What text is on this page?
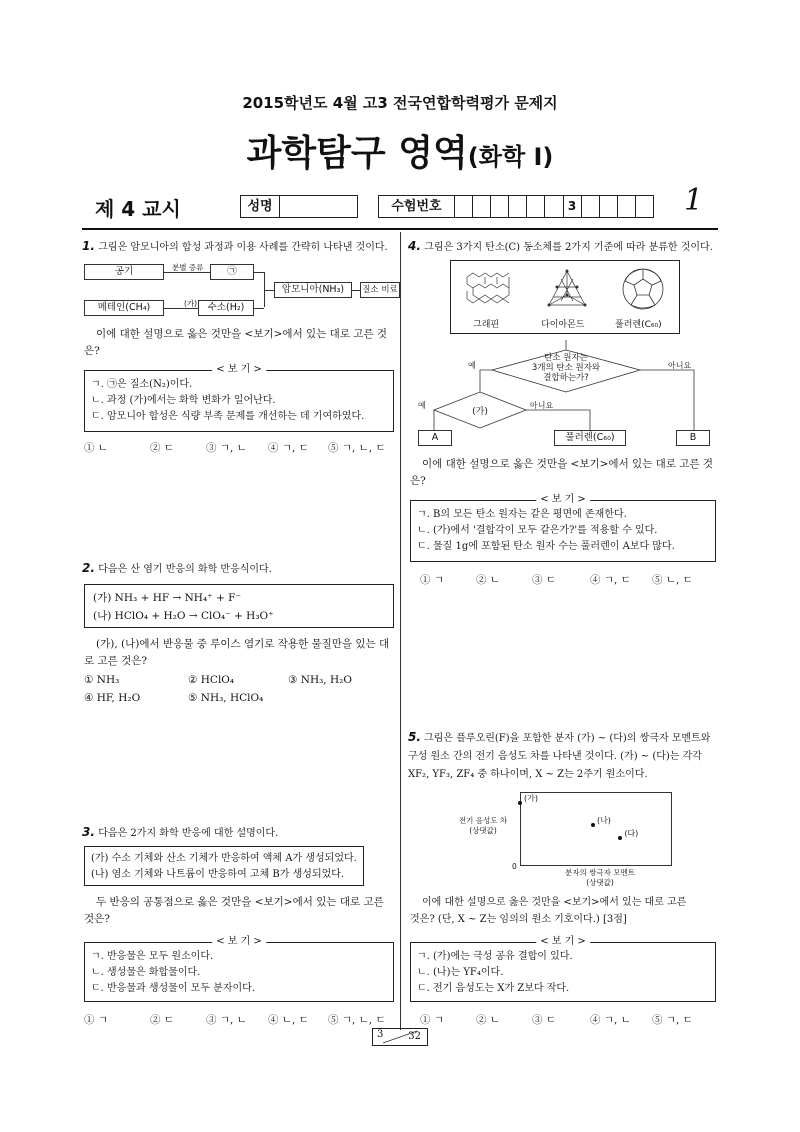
2015학년도 4월 고3 전국연합학력평가 문제지
과학탐구 영역(화학 Ⅰ)
제 4 교시	성명	수험번호	3	1
1. 그림은 암모니아의 합성 과정과 이용 사례를 간략히 나타낸 것이다.
공기	분별 증류	㉠
암모니아(NH₃)	질소 비료
메테인(CH₄)	(가)	수소(H₂)
이에 대한 설명으로 옳은 것만을 <보기>에서 있는 대로 고른 것은?
< 보 기 >
ㄱ. ㉠은 질소(N₂)이다.
ㄴ. 과정 (가)에서는 화학 변화가 일어난다.
ㄷ. 암모니아 합성은 식량 부족 문제를 개선하는 데 기여하였다.
① ㄴ	② ㄷ	③ ㄱ, ㄴ	④ ㄱ, ㄷ	⑤ ㄱ, ㄴ, ㄷ
2. 다음은 산 염기 반응의 화학 반응식이다.
(가) NH₃ + HF → NH₄⁺ + F⁻
(나) HClO₄ + H₂O → ClO₄⁻ + H₃O⁺
(가), (나)에서 반응물 중 루이스 염기로 작용한 물질만을 있는 대로 고른 것은?
① NH₃	② HClO₄	③ NH₃, H₂O
④ HF, H₂O	⑤ NH₃, HClO₄
3. 다음은 2가지 화학 반응에 대한 설명이다.
(가) 수소 기체와 산소 기체가 반응하여 액체 A가 생성되었다.
(나) 염소 기체와 나트륨이 반응하여 고체 B가 생성되었다.
두 반응의 공통점으로 옳은 것만을 <보기>에서 있는 대로 고른 것은?
< 보 기 >
ㄱ. 반응물은 모두 원소이다.
ㄴ. 생성물은 화합물이다.
ㄷ. 반응물과 생성물이 모두 분자이다.
① ㄱ	② ㄷ	③ ㄱ, ㄴ	④ ㄴ, ㄷ	⑤ ㄱ, ㄴ, ㄷ
4. 그림은 3가지 탄소(C) 동소체를 2가지 기준에 따라 분류한 것이다.
그래핀	다이아몬드	풀러렌(C₆₀)
탄소 원자는
3개의 탄소 원자와
결합하는가?
예	아니요
(가)
예	아니요
A	풀러렌(C₆₀)	B
이에 대한 설명으로 옳은 것만을 <보기>에서 있는 대로 고른 것은?
< 보 기 >
ㄱ. B의 모든 탄소 원자는 같은 평면에 존재한다.
ㄴ. (가)에서 '결합각이 모두 같은가?'를 적용할 수 있다.
ㄷ. 물질 1g에 포함된 탄소 원자 수는 풀러렌이 A보다 많다.
① ㄱ	② ㄴ	③ ㄷ	④ ㄱ, ㄷ	⑤ ㄴ, ㄷ
5. 그림은 플루오린(F)을 포함한 분자 (가) ~ (다)의 쌍극자 모멘트와
구성 원소 간의 전기 음성도 차를 나타낸 것이다. (가) ~ (다)는 각각
XF₂, YF₃, ZF₄ 중 하나이며, X ~ Z는 2주기 원소이다.
전기 음성도 차
(상댓값)
0
분자의 쌍극자 모멘트
(상댓값)
(가)
(나)
(다)
이에 대한 설명으로 옳은 것만을 <보기>에서 있는 대로 고른
것은? (단, X ~ Z는 임의의 원소 기호이다.) [3점]
< 보 기 >
ㄱ. (가)에는 극성 공유 결합이 있다.
ㄴ. (나)는 YF₄이다.
ㄷ. 전기 음성도는 X가 Z보다 작다.
① ㄱ	② ㄴ	③ ㄷ	④ ㄱ, ㄴ	⑤ ㄱ, ㄷ
3 32
